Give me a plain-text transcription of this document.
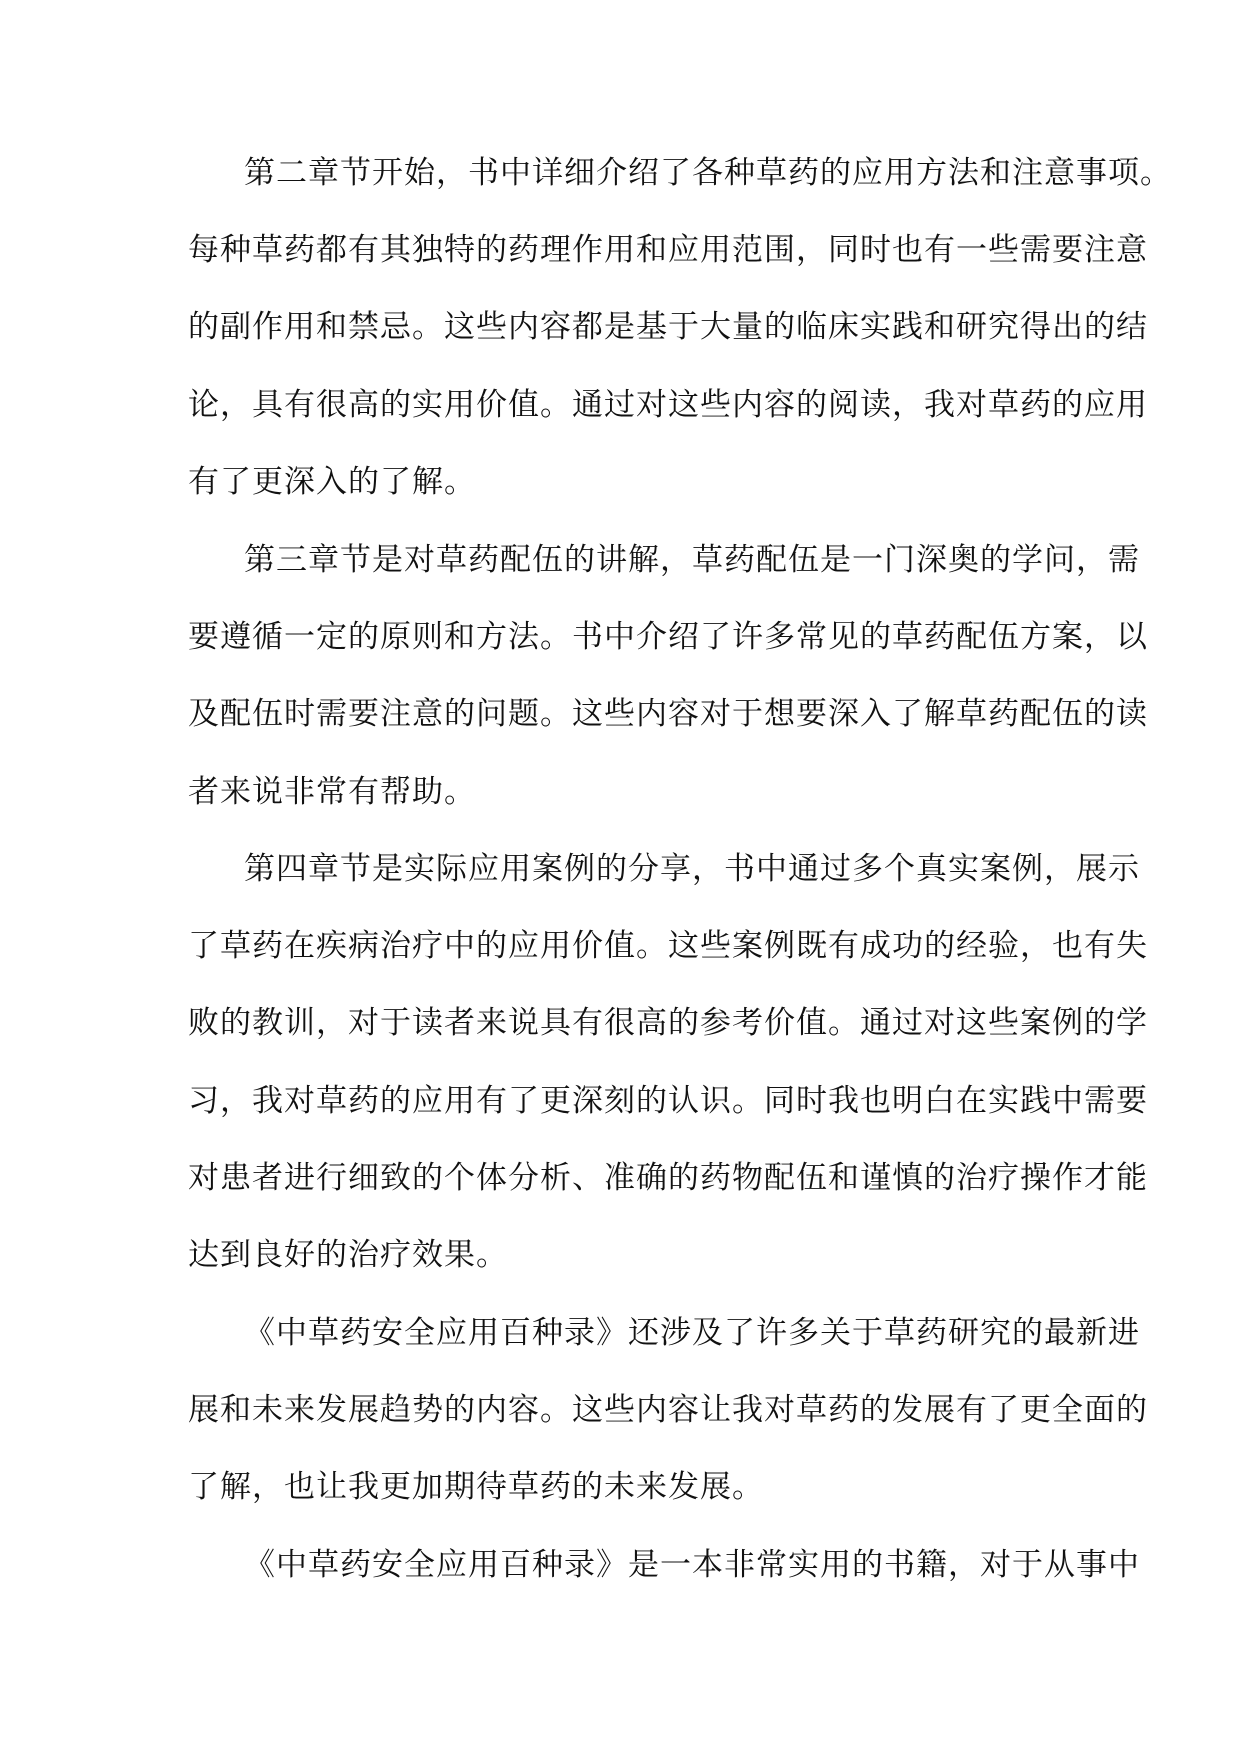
第二章节开始，书中详细介绍了各种草药的应用方法和注意事项。
每种草药都有其独特的药理作用和应用范围，同时也有一些需要注意
的副作用和禁忌。这些内容都是基于大量的临床实践和研究得出的结
论，具有很高的实用价值。通过对这些内容的阅读，我对草药的应用
有了更深入的了解。
第三章节是对草药配伍的讲解，草药配伍是一门深奥的学问，需
要遵循一定的原则和方法。书中介绍了许多常见的草药配伍方案，以
及配伍时需要注意的问题。这些内容对于想要深入了解草药配伍的读
者来说非常有帮助。
第四章节是实际应用案例的分享，书中通过多个真实案例，展示
了草药在疾病治疗中的应用价值。这些案例既有成功的经验，也有失
败的教训，对于读者来说具有很高的参考价值。通过对这些案例的学
习，我对草药的应用有了更深刻的认识。同时我也明白在实践中需要
对患者进行细致的个体分析、准确的药物配伍和谨慎的治疗操作才能
达到良好的治疗效果。
《中草药安全应用百种录》还涉及了许多关于草药研究的最新进
展和未来发展趋势的内容。这些内容让我对草药的发展有了更全面的
了解，也让我更加期待草药的未来发展。
《中草药安全应用百种录》是一本非常实用的书籍，对于从事中
